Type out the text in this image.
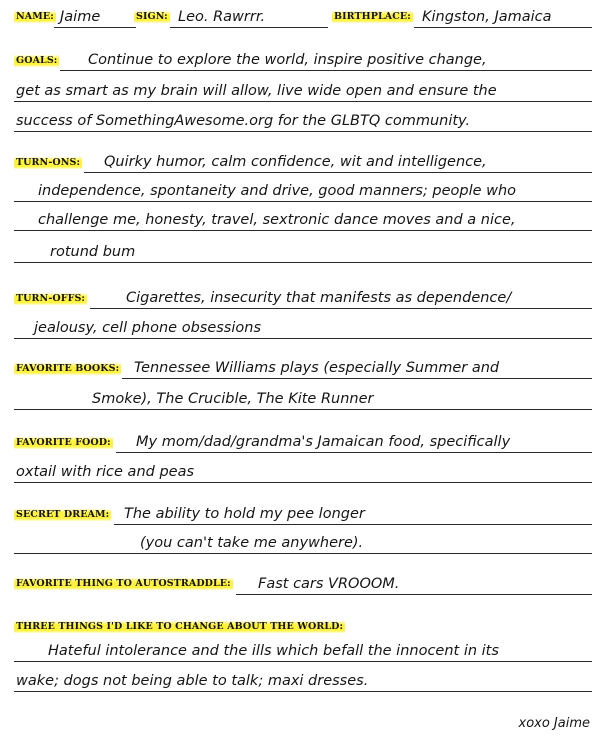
NAME: Jaime	SIGN: Leo. Rawrrr.	BIRTHPLACE: Kingston, Jamaica
GOALS: Continue to explore the world, inspire positive change,
get as smart as my brain will allow, live wide open and ensure the
success of SomethingAwesome.org for the GLBTQ community.
TURN-ONS: Quirky humor, calm confidence, wit and intelligence,
independence, spontaneity and drive, good manners; people who
challenge me, honesty, travel, sextronic dance moves and a nice,
rotund bum
TURN-OFFS:	Cigarettes, insecurity that manifests as dependence/
jealousy, cell phone obsessions
FAVORITE BOOKS: Tennessee Williams plays (especially Summer and
Smoke), The Crucible, The Kite Runner
FAVORITE FOOD: My mom/dad/grandma's Jamaican food, specifically
oxtail with rice and peas
SECRET DREAM: The ability to hold my pee longer
(you can't take me anywhere).
FAVORITE THING TO AUTOSTRADDLE: Fast cars VROOOM.
THREE THINGS I'D LIKE TO CHANGE ABOUT THE WORLD:
Hateful intolerance and the ills which befall the innocent in its
wake; dogs not being able to talk; maxi dresses.
xoxo Jaime
